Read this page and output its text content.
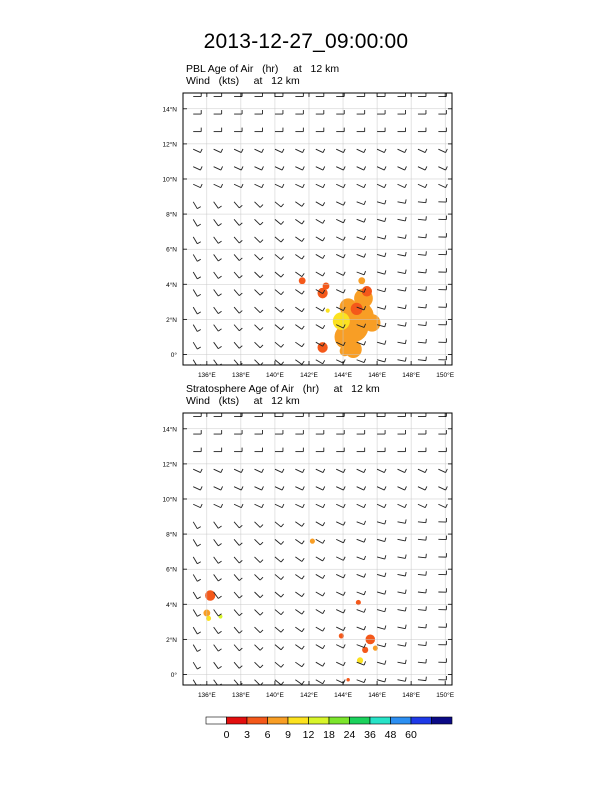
2013-12-27_09:00:00
PBL Age of Air   (hr)     at   12 km
Wind   (kts)     at   12 km
136°E	138°E	140°E	142°E	144°E	146°E	148°E	150°E
0°
2°N
4°N
6°N
8°N
10°N
12°N
14°N
Stratosphere Age of Air   (hr)     at   12 km
Wind   (kts)     at   12 km
136°E	138°E	140°E	142°E	144°E	146°E	148°E	150°E
0°
2°N
4°N
6°N
8°N
10°N
12°N
14°N
0 3 6 9 12 18 24 36 48 60
